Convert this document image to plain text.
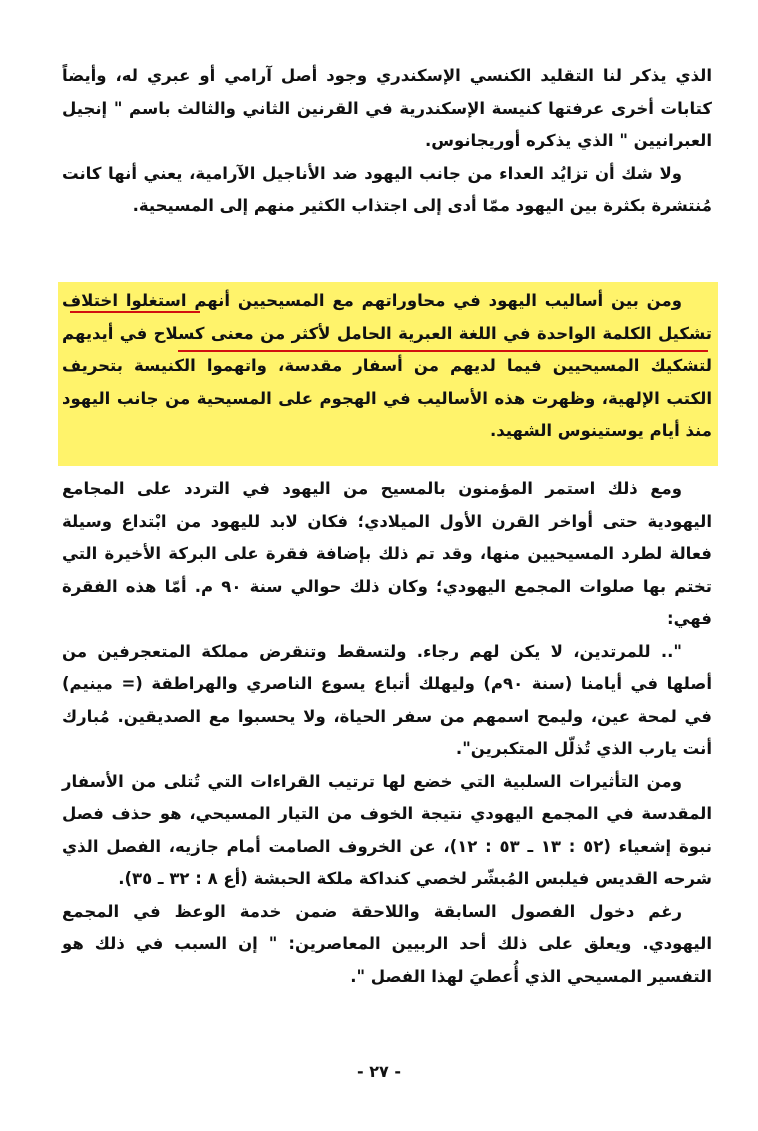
الذي يذكر لنا التقليد الكنسي الإسكندري وجود أصل آرامي أو عبري له، وأيضاً كتابات أخرى عرفتها كنيسة الإسكندرية في القرنين الثاني والثالث باسم " إنجيل العبرانيين " الذي يذكره أوريجانوس.

ولا شك أن تزايُد العداء من جانب اليهود ضد الأناجيل الآرامية، يعني أنها كانت مُنتشرة بكثرة بين اليهود ممّا أدى إلى اجتذاب الكثير منهم إلى المسيحية.

ومن بين أساليب اليهود في محاوراتهم مع المسيحيين أنهم استغلوا اختلاف تشكيل الكلمة الواحدة في اللغة العبرية الحامل لأكثر من معنى كسلاح في أيديهم لتشكيك المسيحيين فيما لديهم من أسفار مقدسة، واتهموا الكنيسة بتحريف الكتب الإلهية، وظهرت هذه الأساليب في الهجوم على المسيحية من جانب اليهود منذ أيام يوستينوس الشهيد.

ومع ذلك استمر المؤمنون بالمسيح من اليهود في التردد على المجامع اليهودية حتى أواخر القرن الأول الميلادي؛ فكان لابد لليهود من ابْتداع وسيلة فعالة لطرد المسيحيين منها، وقد تم ذلك بإضافة فقرة على البركة الأخيرة التي تختم بها صلوات المجمع اليهودي؛ وكان ذلك حوالي سنة ٩٠ م. أمّا هذه الفقرة فهي:

".. للمرتدين، لا يكن لهم رجاء. ولتسقط وتنقرض مملكة المتعجرفين من أصلها في أيامنا (سنة ٩٠م) وليهلك أتباع يسوع الناصري والهراطقة (= مينيم) في لمحة عين، وليمح اسمهم من سفر الحياة، ولا يحسبوا مع الصديقين. مُبارك أنت يارب الذي تُذلّل المتكبرين".

ومن التأثيرات السلبية التي خضع لها ترتيب القراءات التي تُتلى من الأسفار المقدسة في المجمع اليهودي نتيجة الخوف من التيار المسيحي، هو حذف فصل نبوة إشعياء (٥٢ : ١٣ ـ ٥٣ : ١٢)، عن الخروف الصامت أمام جازيه، الفصل الذي شرحه القديس فيلبس المُبشّر لخصي كنداكة ملكة الحبشة (أع ٨ : ٣٢ ـ ٣٥).

رغم دخول الفصول السابقة واللاحقة ضمن خدمة الوعظ في المجمع اليهودي. ويعلق على ذلك أحد الربيين المعاصرين: " إن السبب في ذلك هو التفسير المسيحي الذي أُعطيَ لهذا الفصل ".

- ٢٧ -
